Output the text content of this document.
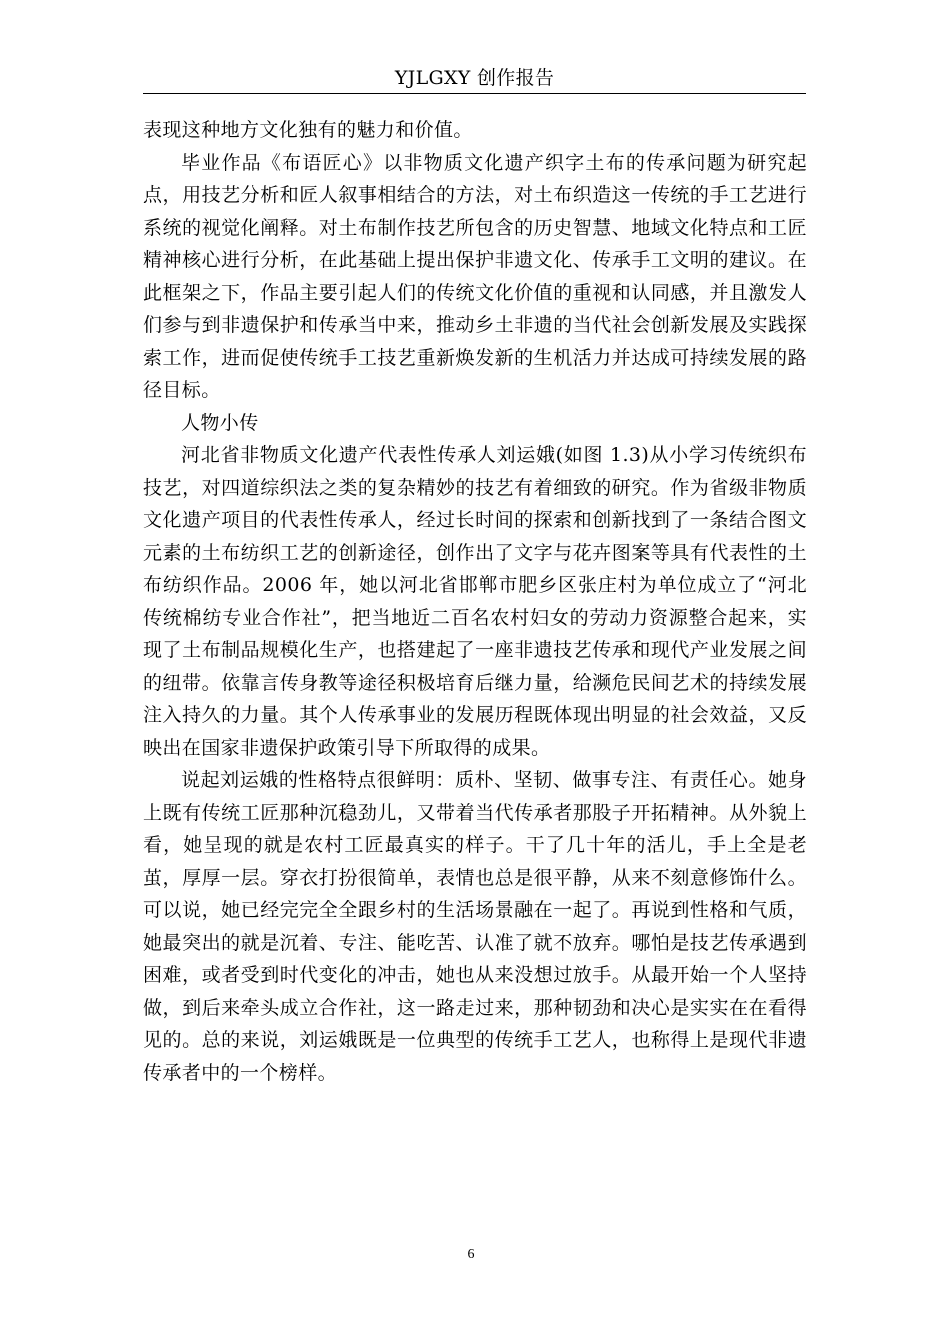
YJLGXY 创作报告

表现这种地方文化独有的魅力和价值。

毕业作品《布语匠心》以非物质文化遗产织字土布的传承问题为研究起点，用技艺分析和匠人叙事相结合的方法，对土布织造这一传统的手工艺进行系统的视觉化阐释。对土布制作技艺所包含的历史智慧、地域文化特点和工匠精神核心进行分析，在此基础上提出保护非遗文化、传承手工文明的建议。在此框架之下，作品主要引起人们的传统文化价值的重视和认同感，并且激发人们参与到非遗保护和传承当中来，推动乡土非遗的当代社会创新发展及实践探索工作，进而促使传统手工技艺重新焕发新的生机活力并达成可持续发展的路径目标。

人物小传

河北省非物质文化遗产代表性传承人刘运娥(如图 1.3)从小学习传统织布技艺，对四道综织法之类的复杂精妙的技艺有着细致的研究。作为省级非物质文化遗产项目的代表性传承人，经过长时间的探索和创新找到了一条结合图文元素的土布纺织工艺的创新途径，创作出了文字与花卉图案等具有代表性的土布纺织作品。2006 年，她以河北省邯郸市肥乡区张庄村为单位成立了“河北传统棉纺专业合作社”，把当地近二百名农村妇女的劳动力资源整合起来，实现了土布制品规模化生产，也搭建起了一座非遗技艺传承和现代产业发展之间的纽带。依靠言传身教等途径积极培育后继力量，给濒危民间艺术的持续发展注入持久的力量。其个人传承事业的发展历程既体现出明显的社会效益，又反映出在国家非遗保护政策引导下所取得的成果。

说起刘运娥的性格特点很鲜明：质朴、坚韧、做事专注、有责任心。她身上既有传统工匠那种沉稳劲儿，又带着当代传承者那股子开拓精神。从外貌上看，她呈现的就是农村工匠最真实的样子。干了几十年的活儿，手上全是老茧，厚厚一层。穿衣打扮很简单，表情也总是很平静，从来不刻意修饰什么。可以说，她已经完完全全跟乡村的生活场景融在一起了。再说到性格和气质，她最突出的就是沉着、专注、能吃苦、认准了就不放弃。哪怕是技艺传承遇到困难，或者受到时代变化的冲击，她也从来没想过放手。从最开始一个人坚持做，到后来牵头成立合作社，这一路走过来，那种韧劲和决心是实实在在看得见的。总的来说，刘运娥既是一位典型的传统手工艺人，也称得上是现代非遗传承者中的一个榜样。

6
